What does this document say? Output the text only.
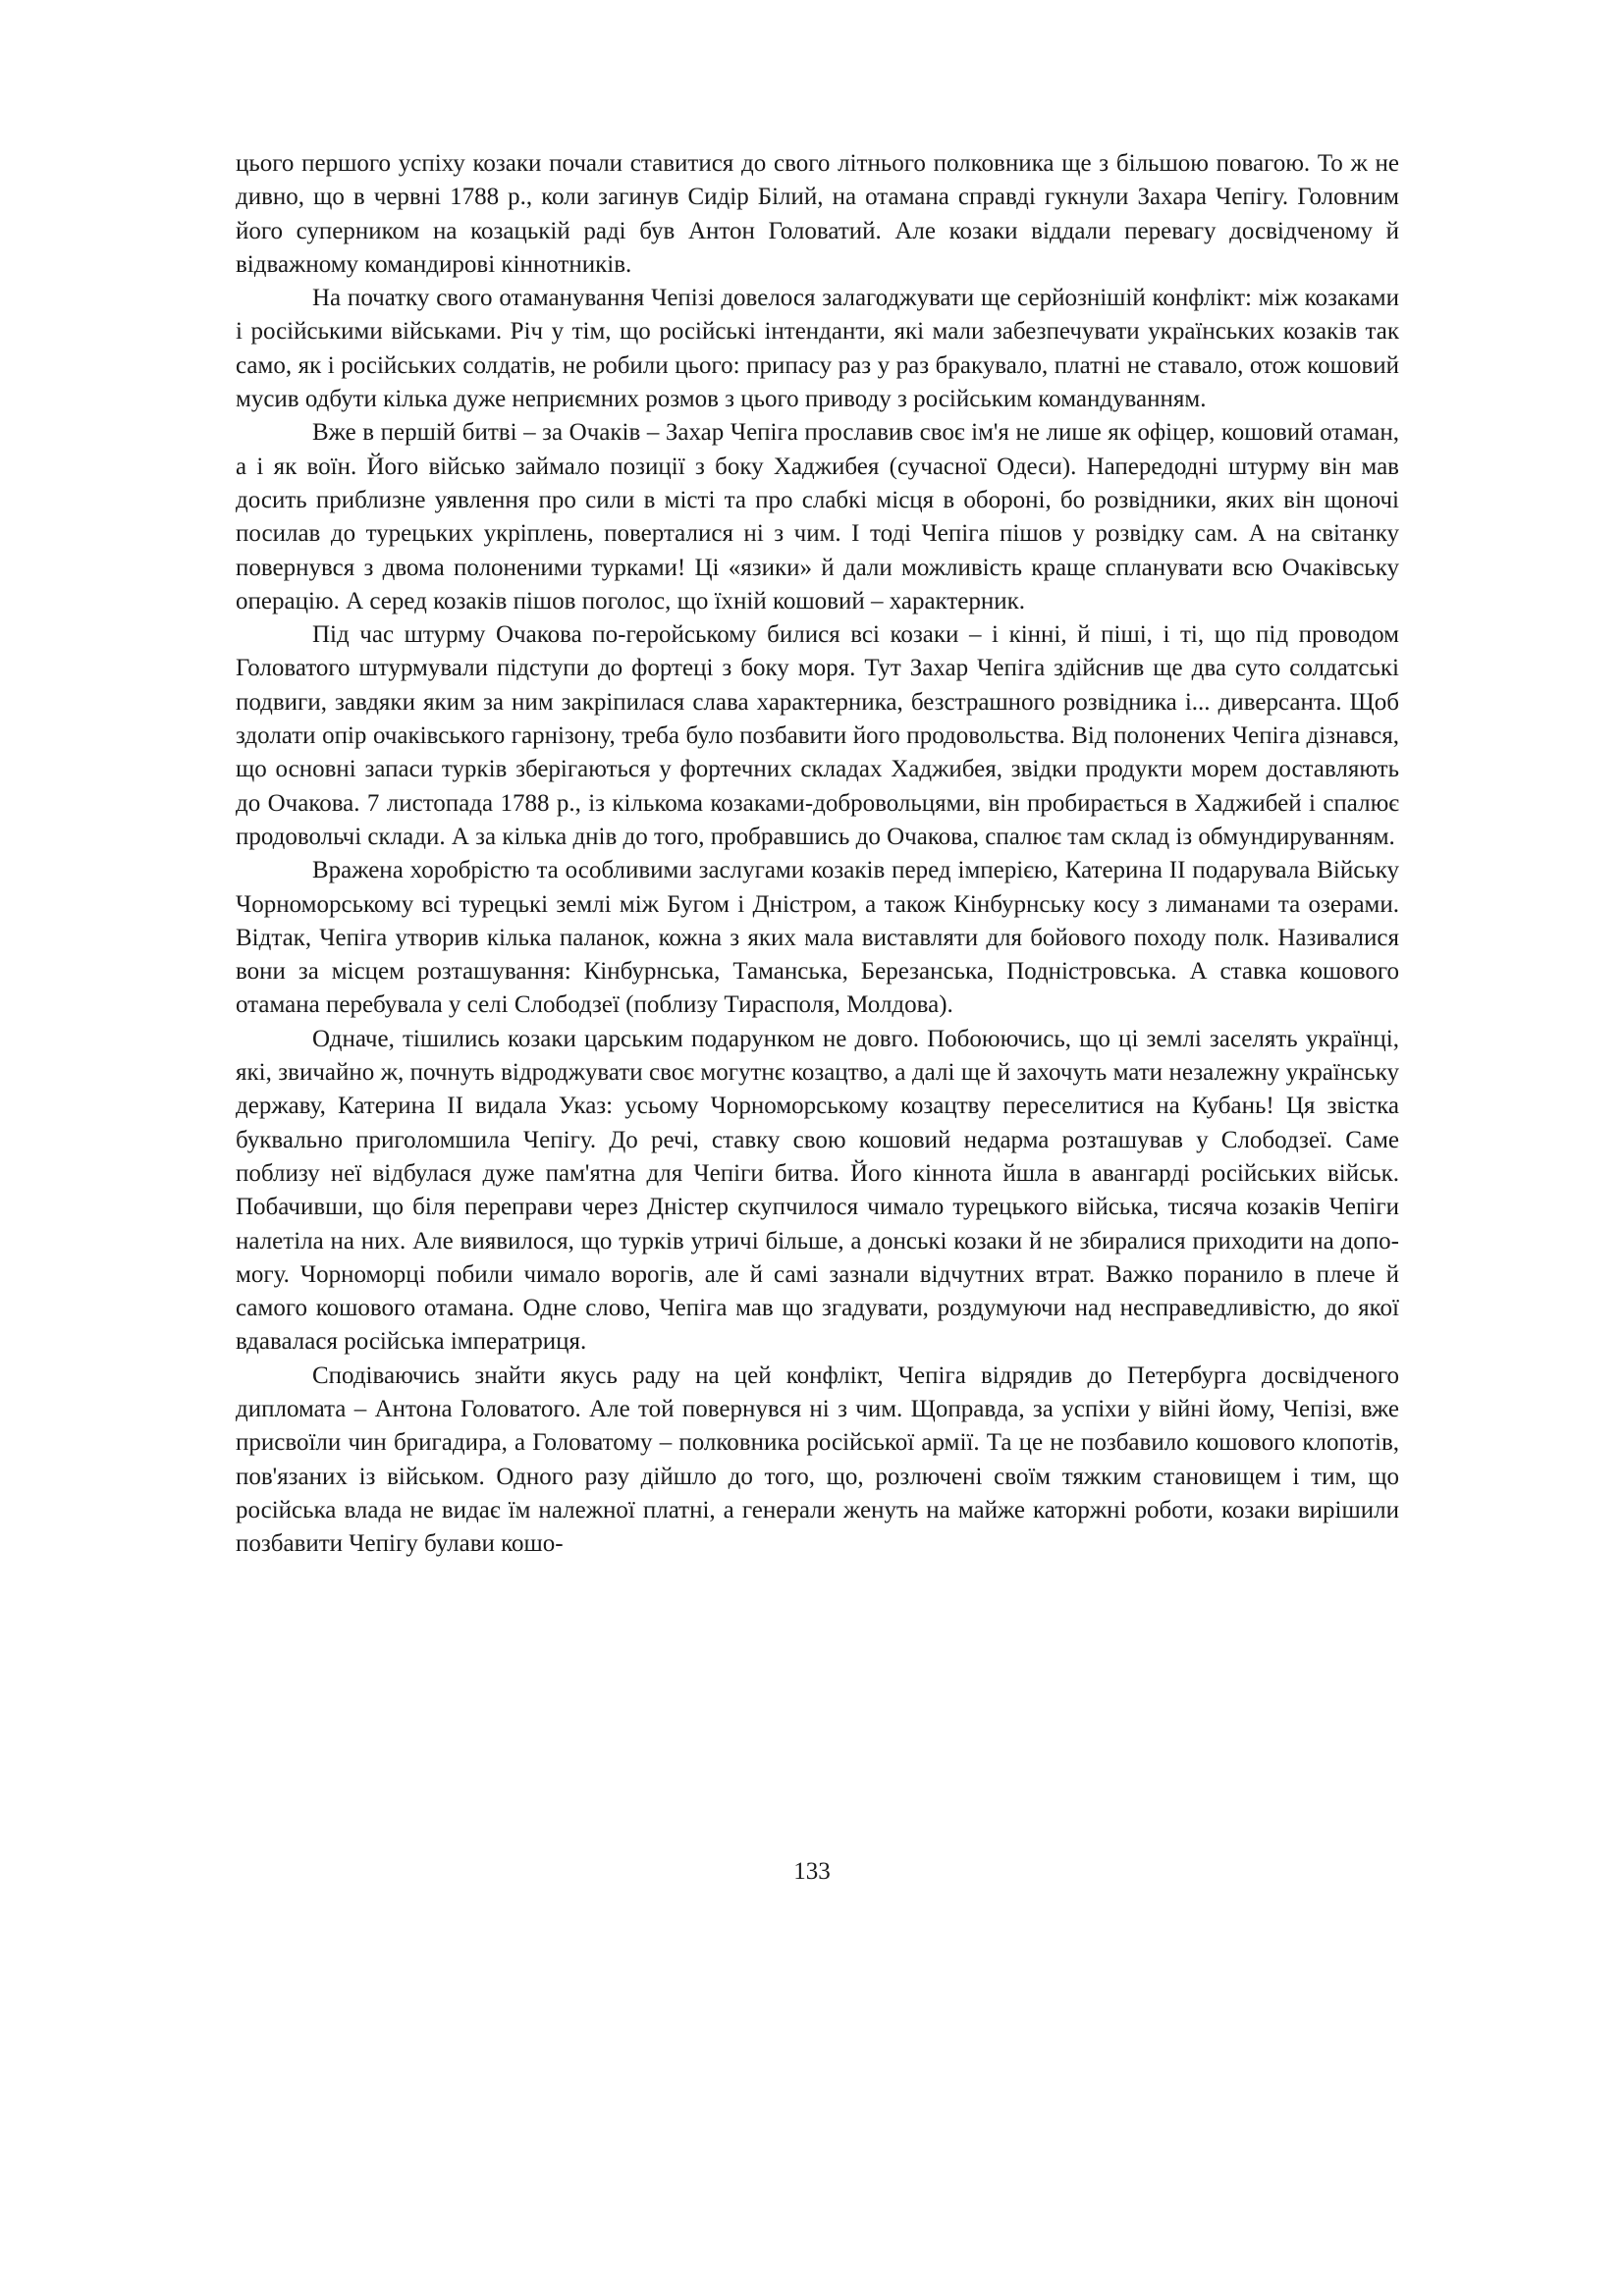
цього першого успіху козаки почали ставитися до свого літнього полковника ще з більшою повагою. То ж не дивно, що в червні 1788 р., коли загинув Сидір Білий, на отамана справді гукнули Захара Чепігу. Головним його суперником на козацькій раді був Антон Головатий. Але козаки віддали перевагу досвідченому й відважному командирові кіннотників.

На початку свого отаманування Чепізі довелося залагоджувати ще серйознішій конфлікт: між козаками і російськими військами. Річ у тім, що російські інтенданти, які мали забезпечувати українських козаків так само, як і російських солдатів, не робили цього: припасу раз у раз бракувало, платні не ставало, отож кошовий мусив одбути кілька дуже неприємних розмов з цього приводу з російським командуванням.

Вже в першій битві – за Очаків – Захар Чепіга прославив своє ім'я не лише як офіцер, кошовий отаман, а і як воїн. Його військо займало позиції з боку Хаджибея (сучасної Одеси). Напередодні штурму він мав досить приблизне уявлення про сили в місті та про слабкі місця в обороні, бо розвідники, яких він щоночі посилав до турецьких укріплень, поверталися ні з чим. І тоді Чепіга пішов у розвідку сам. А на світанку повернувся з двома полоненими турками! Ці «язики» й дали можливість краще спланувати всю Очаківську операцію. А серед козаків пішов поголос, що їхній кошовий – характерник.

Під час штурму Очакова по-геройському билися всі козаки – і кінні, й піші, і ті, що під проводом Головатого штурмували підступи до фортеці з боку моря. Тут Захар Чепіга здійснив ще два суто солдатські подвиги, завдяки яким за ним закріпилася слава характерника, безстрашного розвідника і... диверсанта. Щоб здолати опір очаківського гарнізону, треба було позбавити його продовольства. Від полонених Чепіга дізнався, що основні запаси турків зберігаються у фортечних складах Хаджибея, звідки продукти морем доставляють до Очакова. 7 листопада 1788 р., із кількома козаками-добровольцями, він пробирається в Хаджибей і спалює продовольчі склади. А за кілька днів до того, пробравшись до Очакова, спалює там склад із обмундируванням.

Вражена хоробрістю та особливими заслугами козаків перед імперією, Катерина ІІ подарувала Війську Чорноморському всі турецькі землі між Бугом і Дністром, а також Кінбурнську косу з лиманами та озерами. Відтак, Чепіга утворив кілька паланок, кожна з яких мала виставляти для бойового походу полк. Називалися вони за місцем розташування: Кінбурнська, Таманська, Березанська, Подністровська. А ставка кошового отамана перебувала у селі Слободзеї (поблизу Тирасполя, Молдова).

Одначе, тішились козаки царським подарунком не довго. Побоюючись, що ці землі заселять українці, які, звичайно ж, почнуть відроджувати своє могутнє козацтво, а далі ще й захочуть мати незалежну українську державу, Катерина ІІ видала Указ: усьому Чорноморському козацтву переселитися на Кубань! Ця звістка буквально приголомшила Чепігу. До речі, ставку свою кошовий недарма розташував у Слободзеї. Саме поблизу неї відбулася дуже пам'ятна для Чепіги битва. Його кіннота йшла в авангарді російських військ. Побачивши, що біля переправи через Дністер скупчилося чимало турецького війська, тисяча козаків Чепіги налетіла на них. Але виявилося, що турків утричі більше, а донські козаки й не збиралися приходити на допомогу. Чорноморці побили чимало ворогів, але й самі зазнали відчутних втрат. Важко поранило в плече й самого кошового отамана. Одне слово, Чепіга мав що згадувати, роздумуючи над несправедливістю, до якої вдавалася російська імператриця.

Сподіваючись знайти якусь раду на цей конфлікт, Чепіга відрядив до Петербурга досвідченого дипломата – Антона Головатого. Але той повернувся ні з чим. Щоправда, за успіхи у війні йому, Чепізі, вже присвоїли чин бригадира, а Головатому – полковника російської армії. Та це не позбавило кошового клопотів, пов'язаних із військом. Одного разу дійшло до того, що, розлючені своїм тяжким становищем і тим, що російська влада не видає їм належної платні, а генерали женуть на майже каторжні роботи, козаки вирішили позбавити Чепігу булави кошо-

133
